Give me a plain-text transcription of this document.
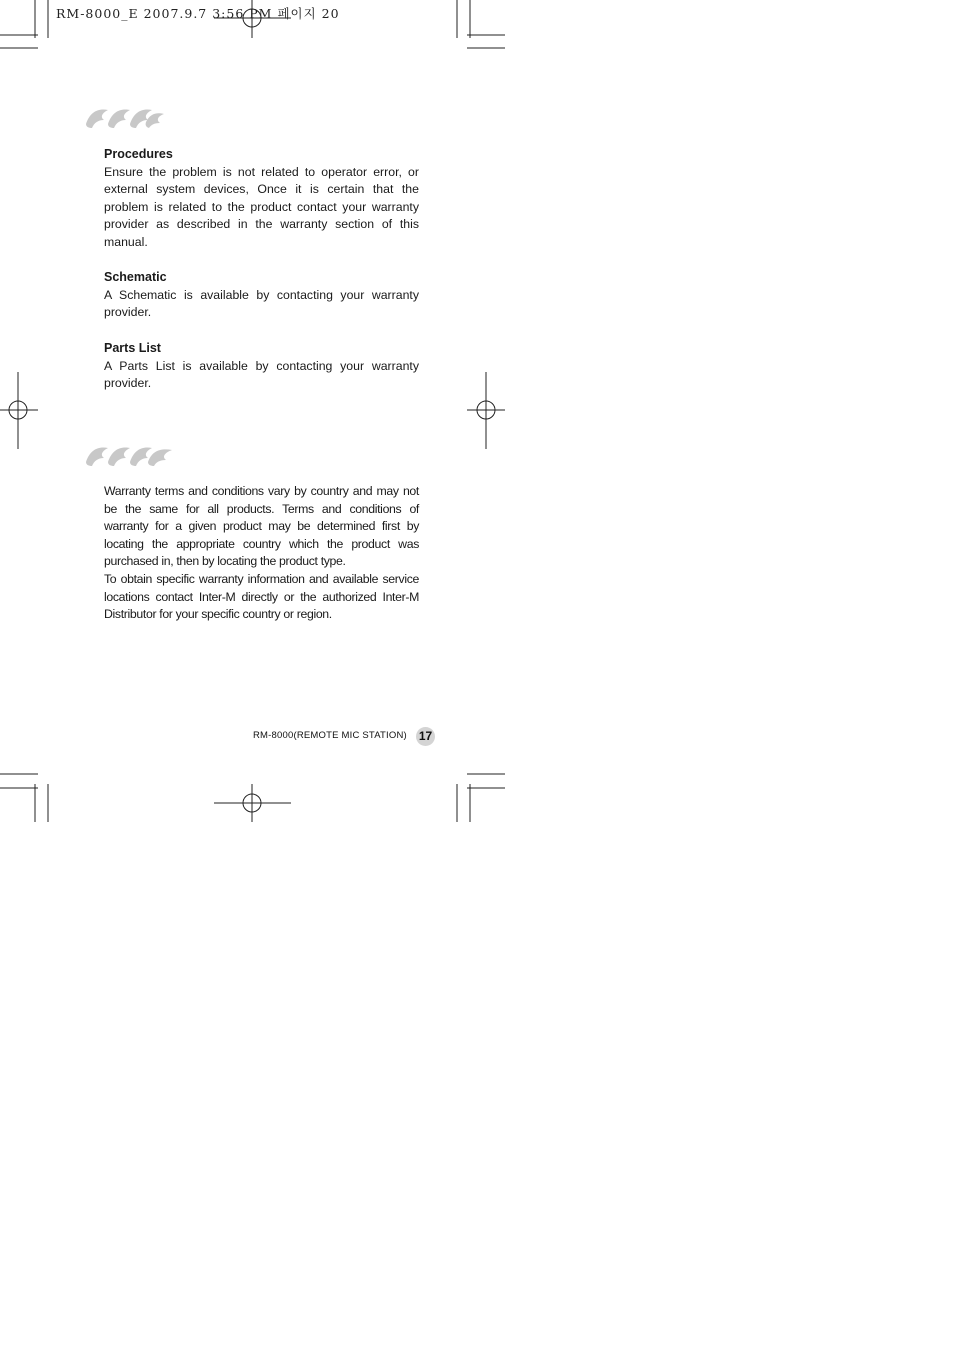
RM-8000_E 2007.9.7 3:56 PM 페이지 20

Procedures

Ensure the problem is not related to operator error, or external system devices, Once it is certain that the problem is related to the product contact your warranty provider as described in the warranty section of this manual.

Schematic

A Schematic is available by contacting your warranty provider.

Parts List

A Parts List is available by contacting your warranty provider.

Warranty terms and conditions vary by country and may not be the same for all products. Terms and conditions of warranty for a given product may be determined first by locating the appropriate country which the product was purchased in, then by locating the product type.

To obtain specific warranty information and available service locations contact Inter-M directly or the authorized Inter-M Distributor for your specific country or region.

RM-8000(REMOTE MIC STATION) 17
